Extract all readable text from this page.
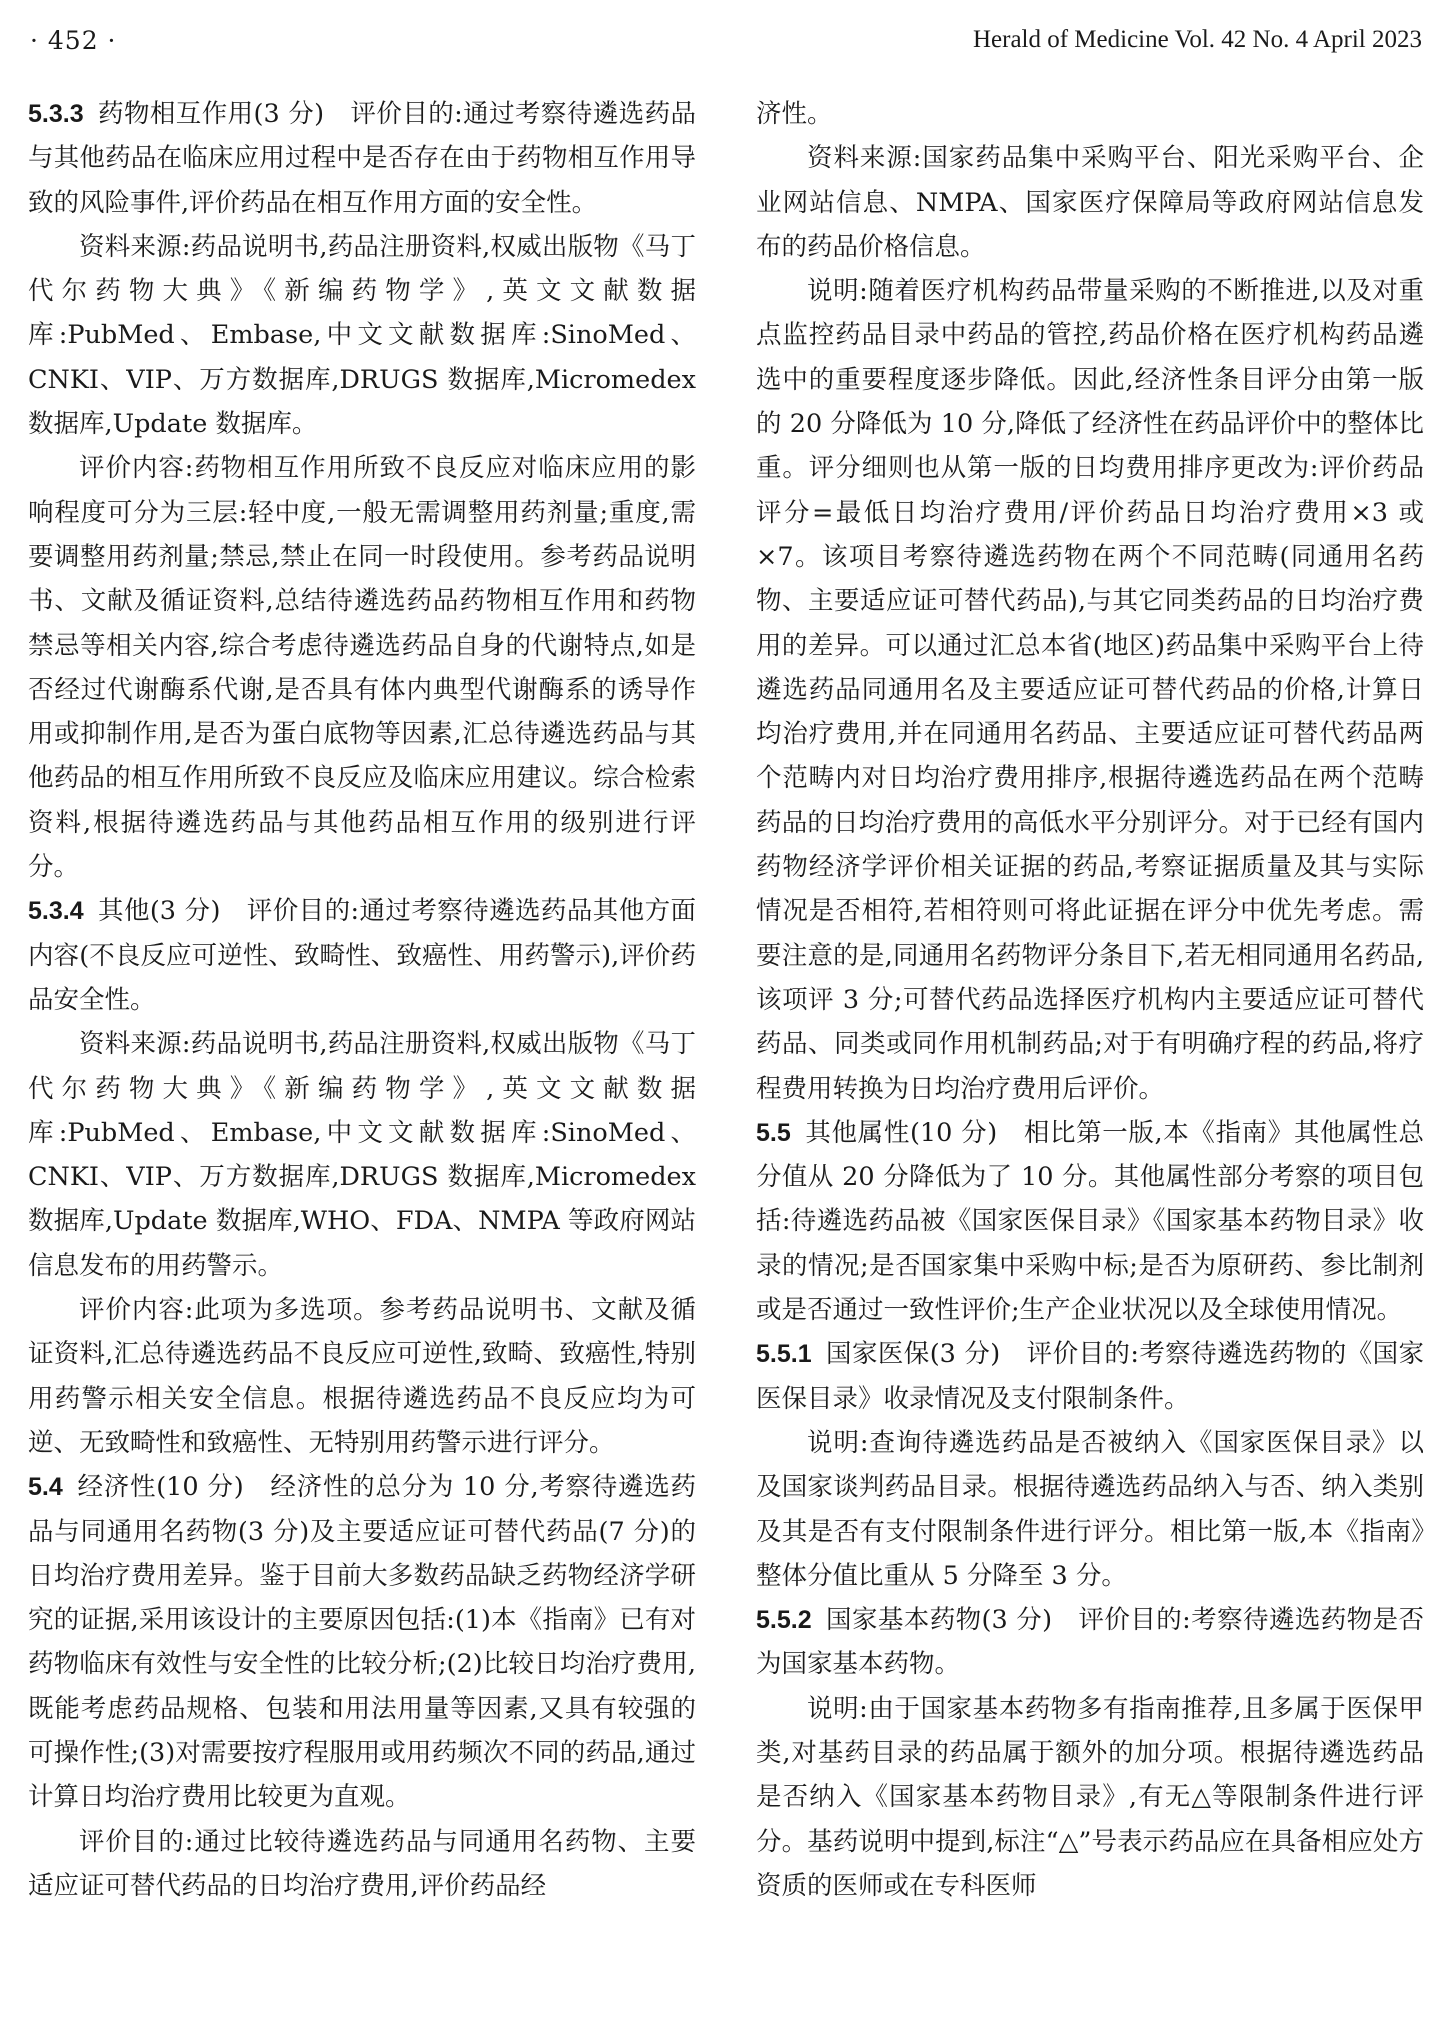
· 452 ·	Herald of Medicine Vol. 42 No. 4 April 2023

5.3.3 药物相互作用(3 分) 评价目的:通过考察待遴选药品与其他药品在临床应用过程中是否存在由于药物相互作用导致的风险事件,评价药品在相互作用方面的安全性。

资料来源:药品说明书,药品注册资料,权威出版物《马丁代尔药物大典》《新编药物学》,英文文献数据库:PubMed、Embase,中文文献数据库:SinoMed、CNKI、VIP、万方数据库,DRUGS 数据库,Micromedex 数据库,Update 数据库。

评价内容:药物相互作用所致不良反应对临床应用的影响程度可分为三层:轻中度,一般无需调整用药剂量;重度,需要调整用药剂量;禁忌,禁止在同一时段使用。参考药品说明书、文献及循证资料,总结待遴选药品药物相互作用和药物禁忌等相关内容,综合考虑待遴选药品自身的代谢特点,如是否经过代谢酶系代谢,是否具有体内典型代谢酶系的诱导作用或抑制作用,是否为蛋白底物等因素,汇总待遴选药品与其他药品的相互作用所致不良反应及临床应用建议。综合检索资料,根据待遴选药品与其他药品相互作用的级别进行评分。

5.3.4 其他(3 分) 评价目的:通过考察待遴选药品其他方面内容(不良反应可逆性、致畸性、致癌性、用药警示),评价药品安全性。

资料来源:药品说明书,药品注册资料,权威出版物《马丁代尔药物大典》《新编药物学》,英文文献数据库:PubMed、Embase,中文文献数据库:SinoMed、CNKI、VIP、万方数据库,DRUGS 数据库,Micromedex 数据库,Update 数据库,WHO、FDA、NMPA 等政府网站信息发布的用药警示。

评价内容:此项为多选项。参考药品说明书、文献及循证资料,汇总待遴选药品不良反应可逆性,致畸、致癌性,特别用药警示相关安全信息。根据待遴选药品不良反应均为可逆、无致畸性和致癌性、无特别用药警示进行评分。

5.4 经济性(10 分) 经济性的总分为 10 分,考察待遴选药品与同通用名药物(3 分)及主要适应证可替代药品(7 分)的日均治疗费用差异。鉴于目前大多数药品缺乏药物经济学研究的证据,采用该设计的主要原因包括:(1)本《指南》已有对药物临床有效性与安全性的比较分析;(2)比较日均治疗费用,既能考虑药品规格、包装和用法用量等因素,又具有较强的可操作性;(3)对需要按疗程服用或用药频次不同的药品,通过计算日均治疗费用比较更为直观。

评价目的:通过比较待遴选药品与同通用名药物、主要适应证可替代药品的日均治疗费用,评价药品经

济性。

资料来源:国家药品集中采购平台、阳光采购平台、企业网站信息、NMPA、国家医疗保障局等政府网站信息发布的药品价格信息。

说明:随着医疗机构药品带量采购的不断推进,以及对重点监控药品目录中药品的管控,药品价格在医疗机构药品遴选中的重要程度逐步降低。因此,经济性条目评分由第一版的 20 分降低为 10 分,降低了经济性在药品评价中的整体比重。评分细则也从第一版的日均费用排序更改为:评价药品评分=最低日均治疗费用/评价药品日均治疗费用×3 或×7。该项目考察待遴选药物在两个不同范畴(同通用名药物、主要适应证可替代药品),与其它同类药品的日均治疗费用的差异。可以通过汇总本省(地区)药品集中采购平台上待遴选药品同通用名及主要适应证可替代药品的价格,计算日均治疗费用,并在同通用名药品、主要适应证可替代药品两个范畴内对日均治疗费用排序,根据待遴选药品在两个范畴药品的日均治疗费用的高低水平分别评分。对于已经有国内药物经济学评价相关证据的药品,考察证据质量及其与实际情况是否相符,若相符则可将此证据在评分中优先考虑。需要注意的是,同通用名药物评分条目下,若无相同通用名药品,该项评 3 分;可替代药品选择医疗机构内主要适应证可替代药品、同类或同作用机制药品;对于有明确疗程的药品,将疗程费用转换为日均治疗费用后评价。

5.5 其他属性(10 分) 相比第一版,本《指南》其他属性总分值从 20 分降低为了 10 分。其他属性部分考察的项目包括:待遴选药品被《国家医保目录》《国家基本药物目录》收录的情况;是否国家集中采购中标;是否为原研药、参比制剂或是否通过一致性评价;生产企业状况以及全球使用情况。

5.5.1 国家医保(3 分) 评价目的:考察待遴选药物的《国家医保目录》收录情况及支付限制条件。

说明:查询待遴选药品是否被纳入《国家医保目录》以及国家谈判药品目录。根据待遴选药品纳入与否、纳入类别及其是否有支付限制条件进行评分。相比第一版,本《指南》整体分值比重从 5 分降至 3 分。

5.5.2 国家基本药物(3 分) 评价目的:考察待遴选药物是否为国家基本药物。

说明:由于国家基本药物多有指南推荐,且多属于医保甲类,对基药目录的药品属于额外的加分项。根据待遴选药品是否纳入《国家基本药物目录》,有无△等限制条件进行评分。基药说明中提到,标注“△”号表示药品应在具备相应处方资质的医师或在专科医师
